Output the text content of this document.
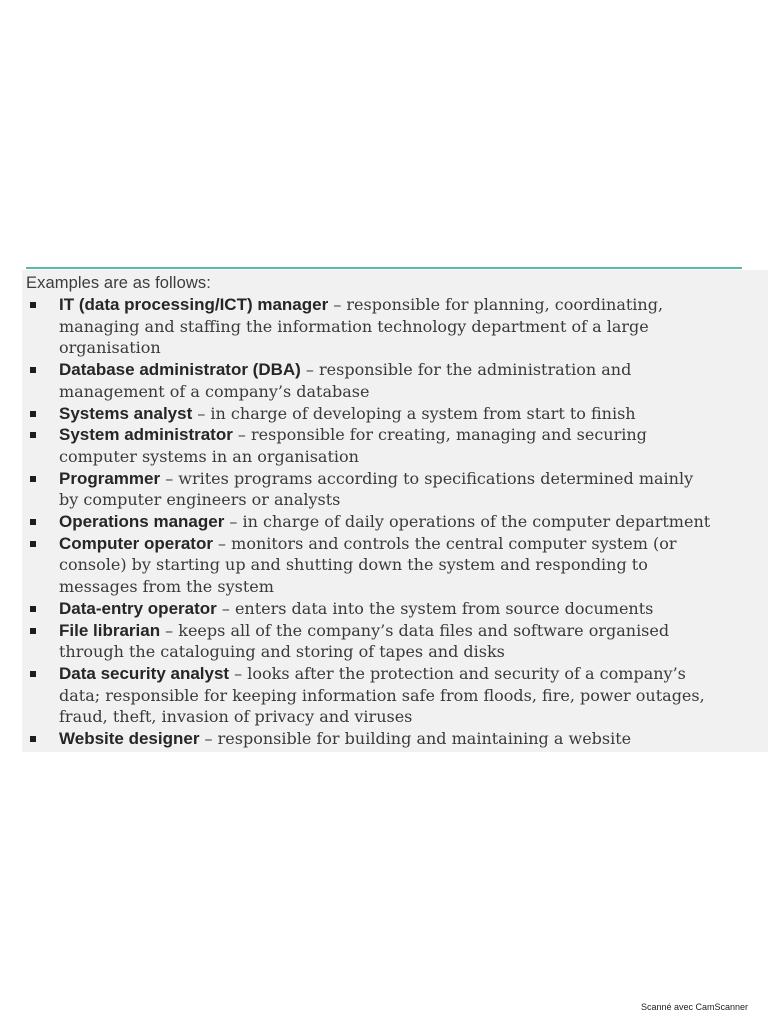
Examples are as follows:
IT (data processing/ICT) manager – responsible for planning, coordinating,
managing and staffing the information technology department of a large
organisation
Database administrator (DBA) – responsible for the administration and
management of a company’s database
Systems analyst – in charge of developing a system from start to finish
System administrator – responsible for creating, managing and securing
computer systems in an organisation
Programmer – writes programs according to specifications determined mainly
by computer engineers or analysts
Operations manager – in charge of daily operations of the computer department
Computer operator – monitors and controls the central computer system (or
console) by starting up and shutting down the system and responding to
messages from the system
Data-entry operator – enters data into the system from source documents
File librarian – keeps all of the company’s data files and software organised
through the cataloguing and storing of tapes and disks
Data security analyst – looks after the protection and security of a company’s
data; responsible for keeping information safe from floods, fire, power outages,
fraud, theft, invasion of privacy and viruses
Website designer – responsible for building and maintaining a website
Scanné avec CamScanner
